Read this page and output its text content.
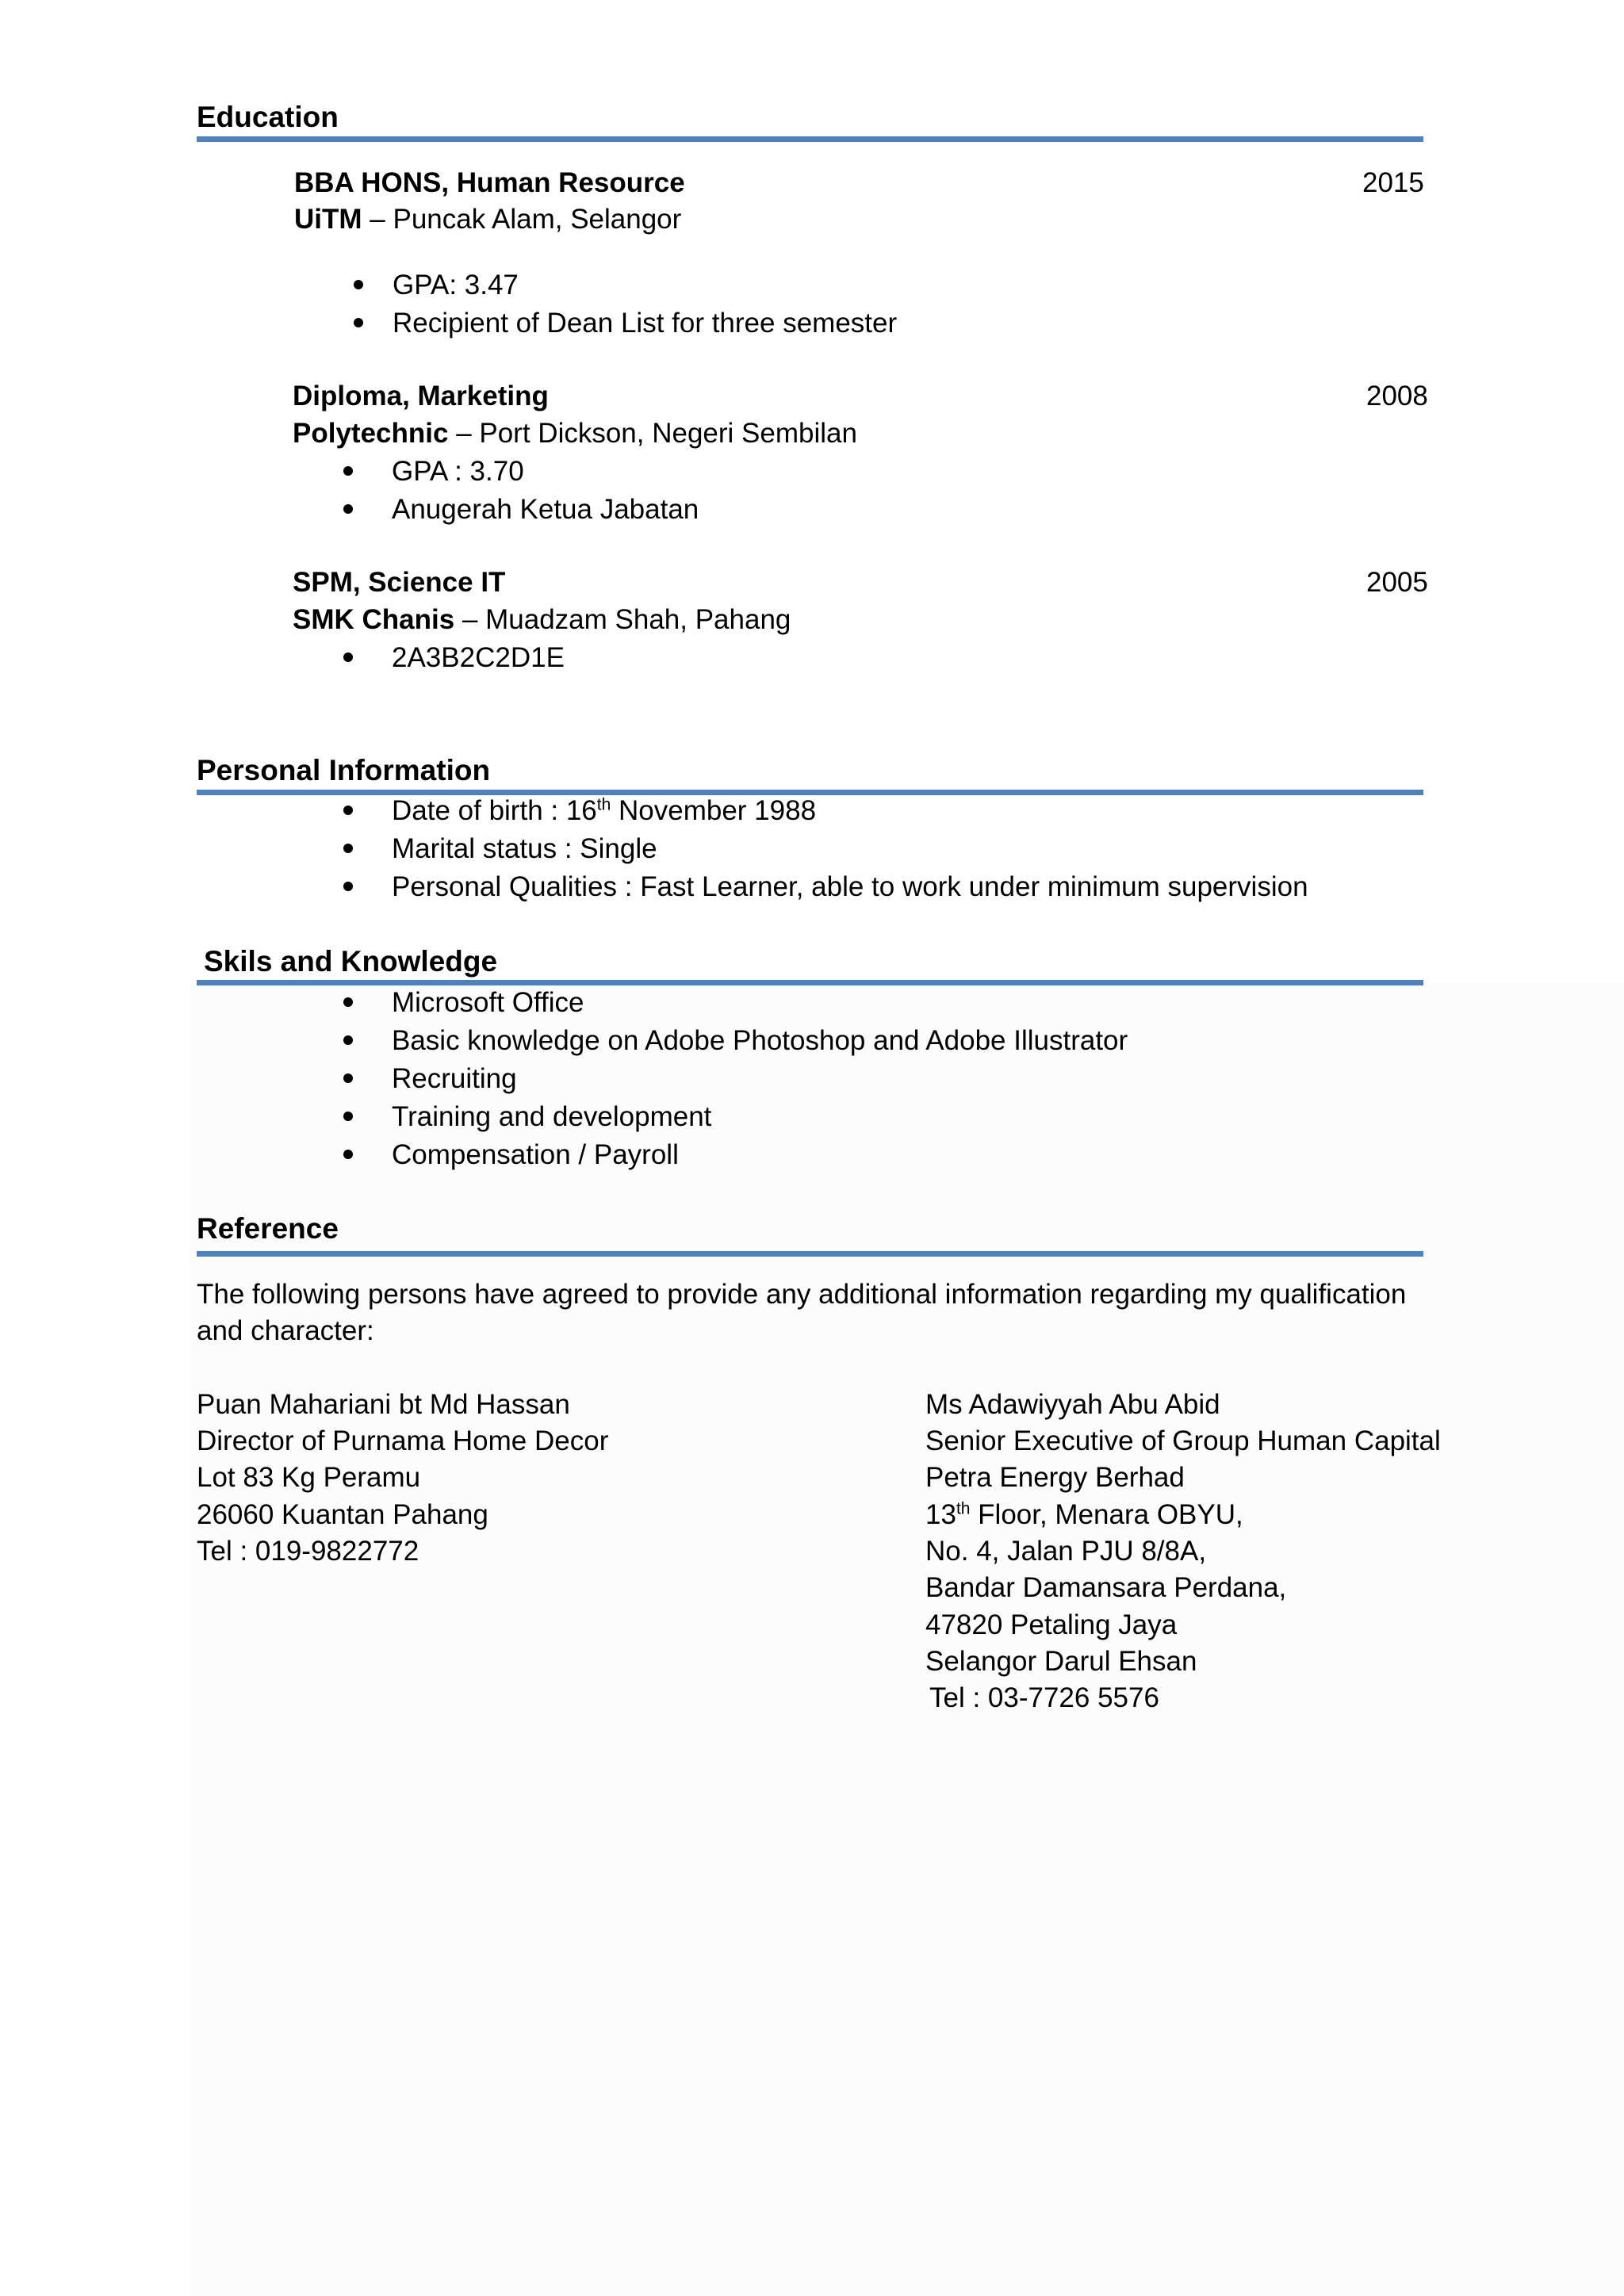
Education
BBA HONS, Human Resource	2015
UiTM – Puncak Alam, Selangor
GPA: 3.47
Recipient of Dean List for three semester
Diploma, Marketing	2008
Polytechnic – Port Dickson, Negeri Sembilan
GPA : 3.70
Anugerah Ketua Jabatan
SPM, Science IT	2005
SMK Chanis – Muadzam Shah, Pahang
2A3B2C2D1E
Personal Information
Date of birth : 16th November 1988
Marital status : Single
Personal Qualities : Fast Learner, able to work under minimum supervision
Skils and Knowledge
Microsoft Office
Basic knowledge on Adobe Photoshop and Adobe Illustrator
Recruiting
Training and development
Compensation / Payroll
Reference
The following persons have agreed to provide any additional information regarding my qualification
and character:
Puan Mahariani bt Md Hassan
Director of Purnama Home Decor
Lot 83 Kg Peramu
26060 Kuantan Pahang
Tel : 019-9822772
Ms Adawiyyah Abu Abid
Senior Executive of Group Human Capital
Petra Energy Berhad
13th Floor, Menara OBYU,
No. 4, Jalan PJU 8/8A,
Bandar Damansara Perdana,
47820 Petaling Jaya
Selangor Darul Ehsan
Tel : 03-7726 5576
